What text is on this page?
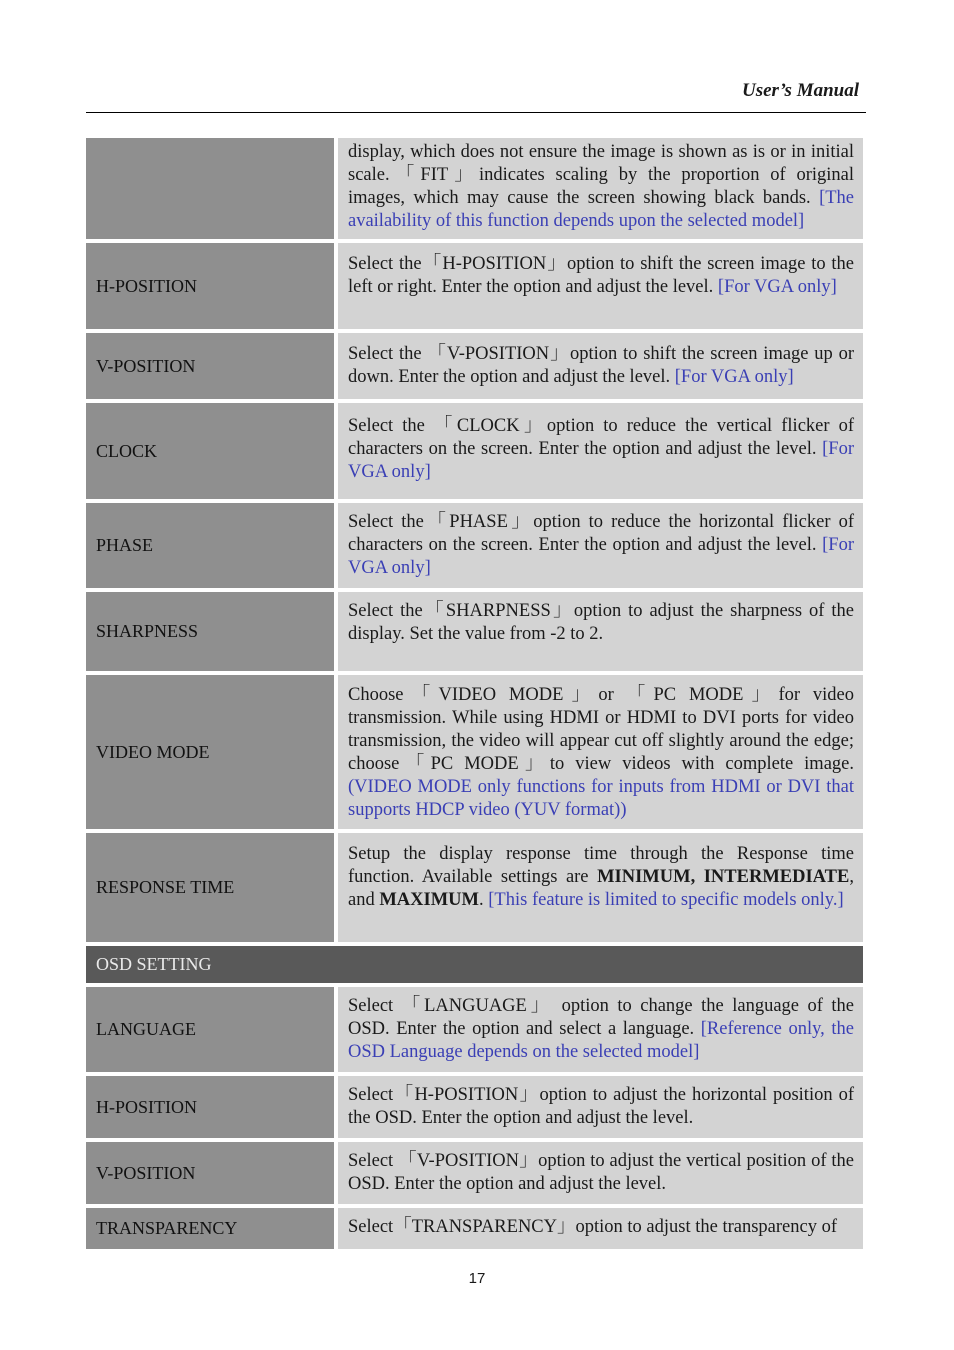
User’s Manual
display, which does not ensure the image is shown as is or in initial scale.「FIT」indicates scaling by the proportion of original images, which may cause the screen showing black bands. [The availability of this function depends upon the selected model]
H-POSITION
Select the「H-POSITION」option to shift the screen image to the left or right. Enter the option and adjust the level. [For VGA only]
V-POSITION
Select the 「V-POSITION」option to shift the screen image up or down. Enter the option and adjust the level. [For VGA only]
CLOCK
Select the 「CLOCK」option to reduce the vertical flicker of characters on the screen. Enter the option and adjust the level. [For VGA only]
PHASE
Select the「PHASE」option to reduce the horizontal flicker of characters on the screen. Enter the option and adjust the level. [For VGA only]
SHARPNESS
Select the「SHARPNESS」option to adjust the sharpness of the display. Set the value from -2 to 2.
VIDEO MODE
Choose「VIDEO MODE」or 「PC MODE」for video transmission. While using HDMI or HDMI to DVI ports for video transmission, the video will appear cut off slightly around the edge; choose「PC MODE」to view videos with complete image. (VIDEO MODE only functions for inputs from HDMI or DVI that supports HDCP video (YUV format))
RESPONSE TIME
Setup the display response time through the Response time function. Available settings are MINIMUM, INTERMEDIATE, and MAXIMUM. [This feature is limited to specific models only.]
OSD SETTING
LANGUAGE
Select 「LANGUAGE」 option to change the language of the OSD. Enter the option and select a language. [Reference only, the OSD Language depends on the selected model]
H-POSITION
Select「H-POSITION」option to adjust the horizontal position of the OSD. Enter the option and adjust the level.
V-POSITION
Select 「V-POSITION」option to adjust the vertical position of the OSD. Enter the option and adjust the level.
TRANSPARENCY	Select「TRANSPARENCY」option to adjust the transparency of
17
